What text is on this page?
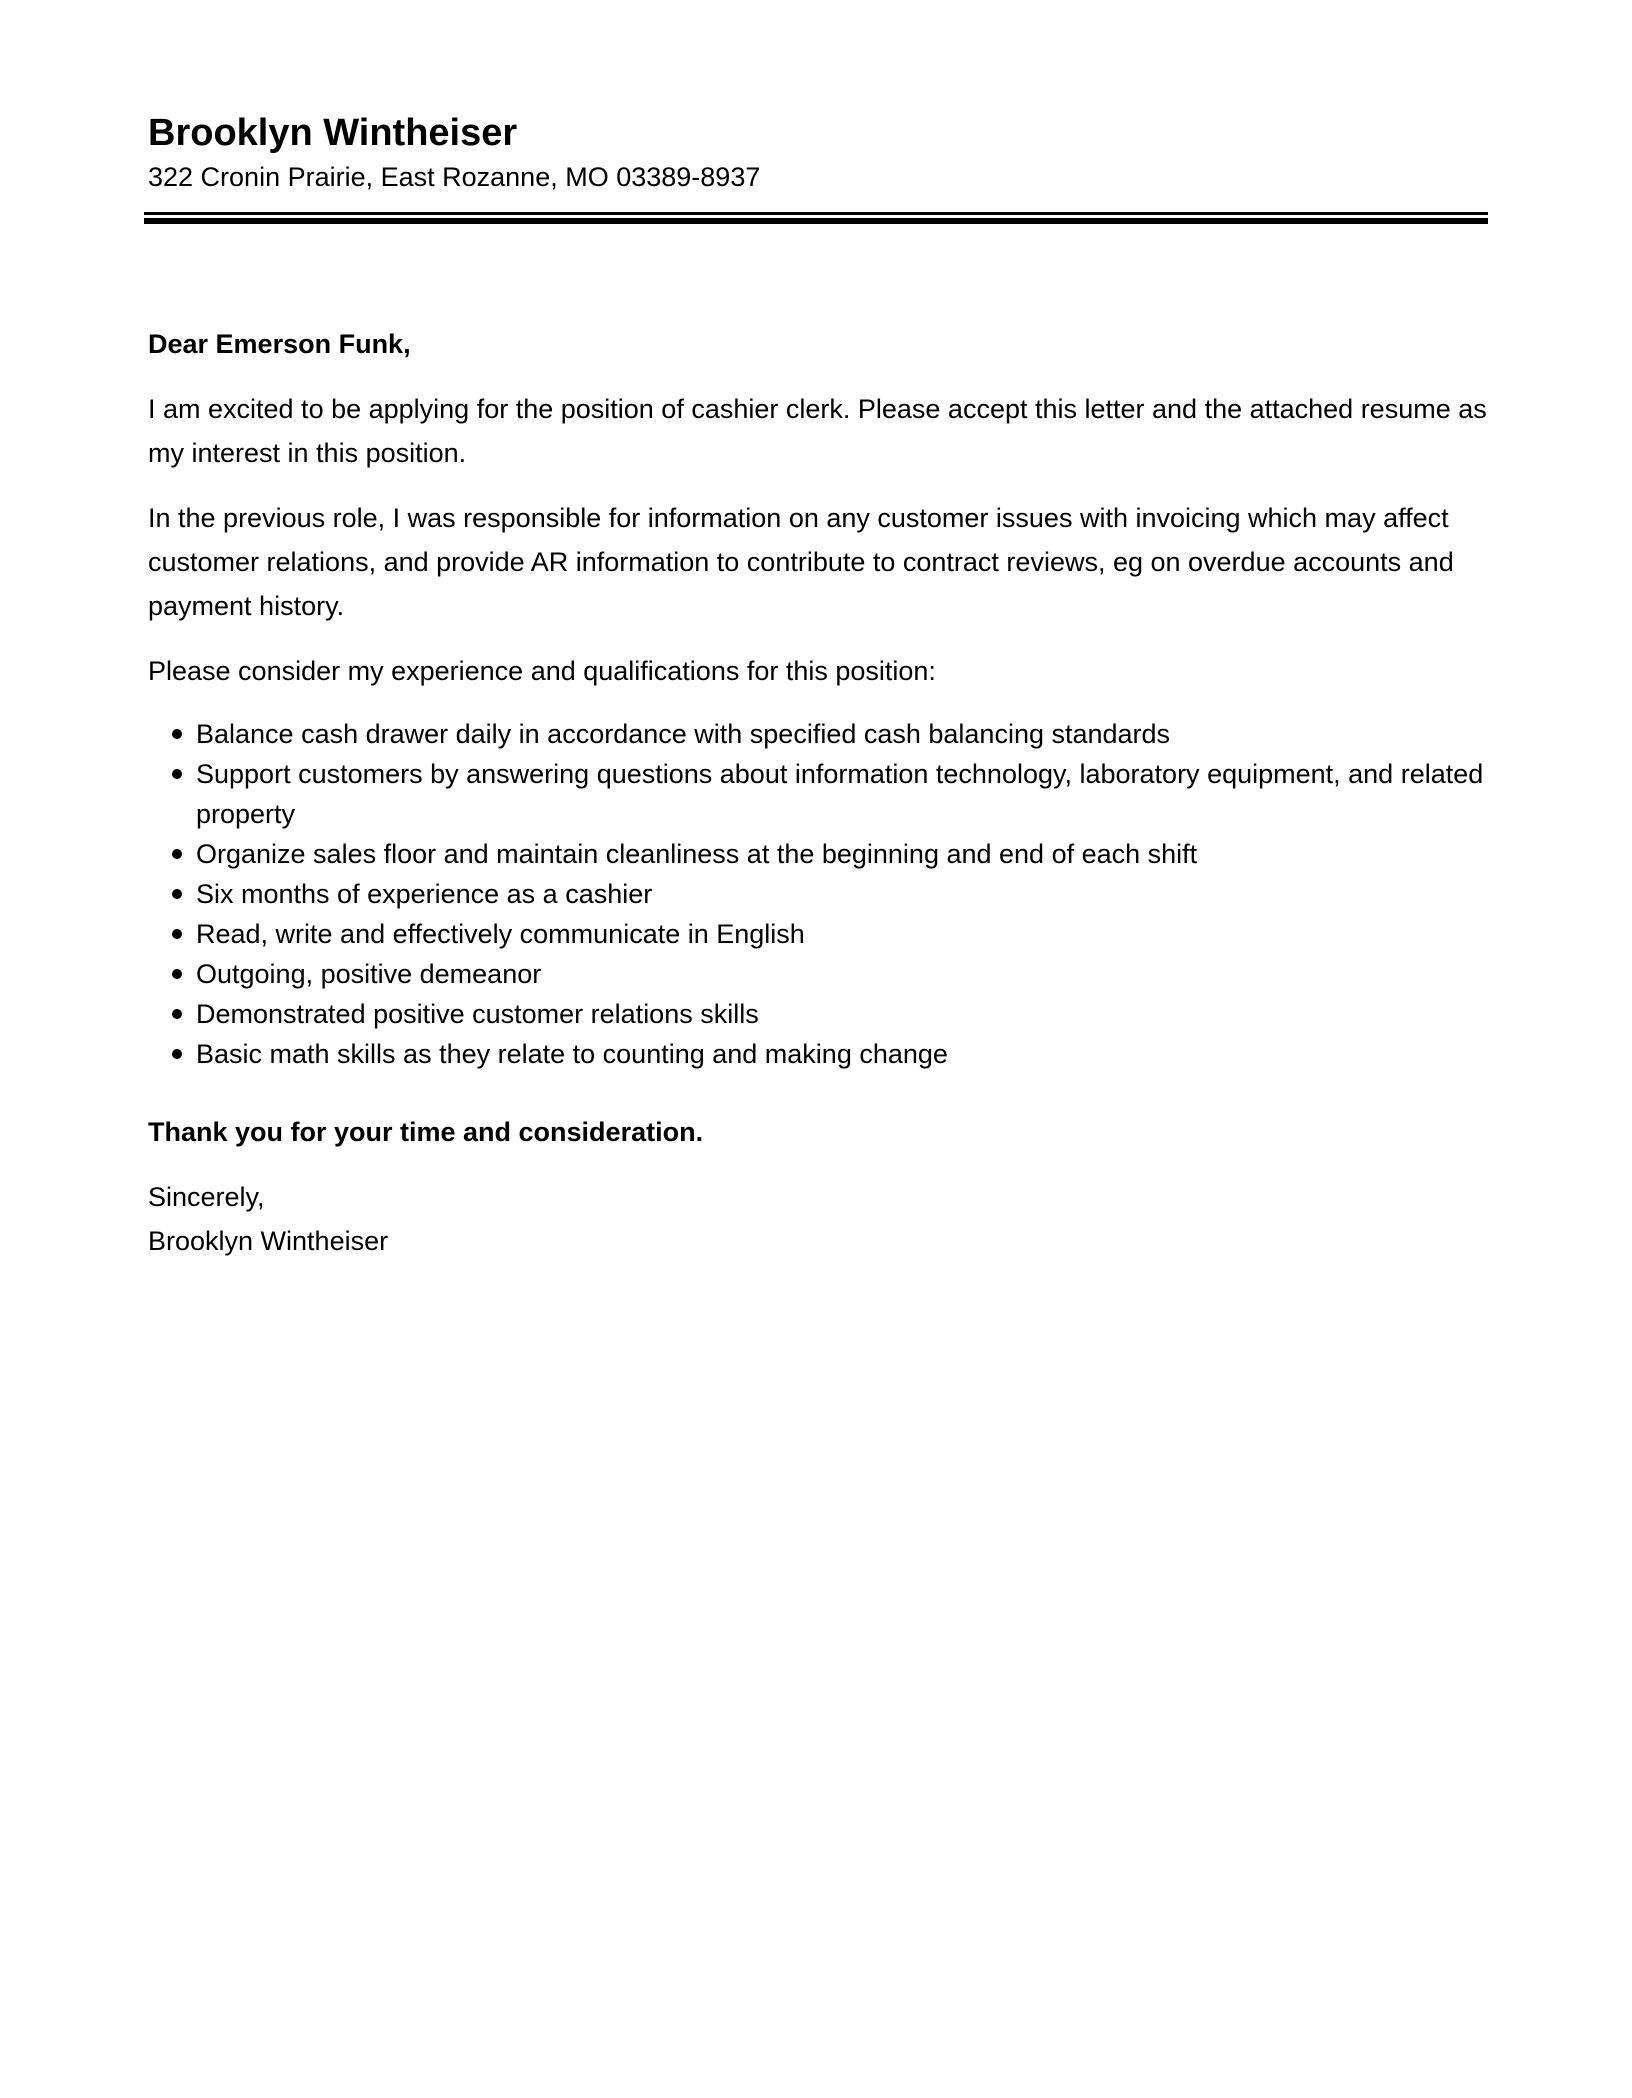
Brooklyn Wintheiser

322 Cronin Prairie, East Rozanne, MO 03389-8937

Dear Emerson Funk,

I am excited to be applying for the position of cashier clerk. Please accept this letter and the attached resume as my interest in this position.

In the previous role, I was responsible for information on any customer issues with invoicing which may affect customer relations, and provide AR information to contribute to contract reviews, eg on overdue accounts and payment history.

Please consider my experience and qualifications for this position:

Balance cash drawer daily in accordance with specified cash balancing standards
Support customers by answering questions about information technology, laboratory equipment, and related property
Organize sales floor and maintain cleanliness at the beginning and end of each shift
Six months of experience as a cashier
Read, write and effectively communicate in English
Outgoing, positive demeanor
Demonstrated positive customer relations skills
Basic math skills as they relate to counting and making change

Thank you for your time and consideration.

Sincerely,

Brooklyn Wintheiser
